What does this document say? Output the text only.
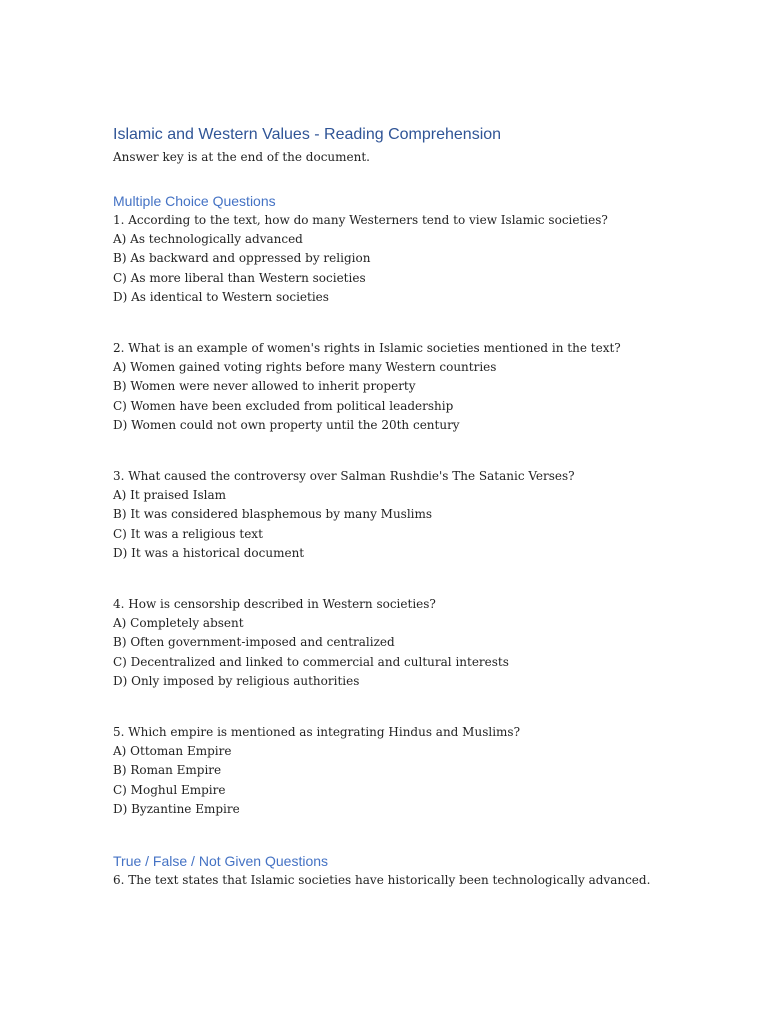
Islamic and Western Values - Reading Comprehension

Answer key is at the end of the document.

Multiple Choice Questions

1. According to the text, how do many Westerners tend to view Islamic societies?

A) As technologically advanced

B) As backward and oppressed by religion

C) As more liberal than Western societies

D) As identical to Western societies

2. What is an example of women's rights in Islamic societies mentioned in the text?

A) Women gained voting rights before many Western countries

B) Women were never allowed to inherit property

C) Women have been excluded from political leadership

D) Women could not own property until the 20th century

3. What caused the controversy over Salman Rushdie's The Satanic Verses?

A) It praised Islam

B) It was considered blasphemous by many Muslims

C) It was a religious text

D) It was a historical document

4. How is censorship described in Western societies?

A) Completely absent

B) Often government-imposed and centralized

C) Decentralized and linked to commercial and cultural interests

D) Only imposed by religious authorities

5. Which empire is mentioned as integrating Hindus and Muslims?

A) Ottoman Empire

B) Roman Empire

C) Moghul Empire

D) Byzantine Empire

True / False / Not Given Questions

6. The text states that Islamic societies have historically been technologically advanced.
